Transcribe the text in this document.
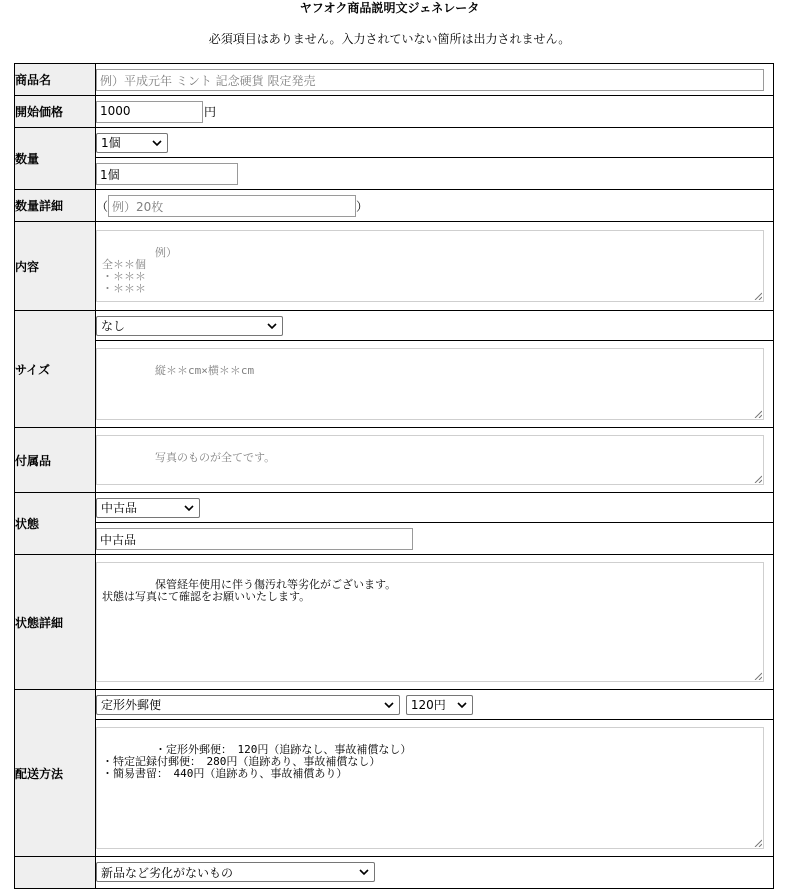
ヤフオク商品説明文ジェネレータ
必須項目はありません。入力されていない箇所は出力されません。
商品名	例）平成元年 ミント 記念硬貨 限定発売
開始価格	1000 円
数量	1個

	1個
数量詳細	（ 例）20枚 ）
内容	例）
全＊＊個
・＊＊＊
・＊＊＊

サイズ	なし

縦＊＊cm×横＊＊cm

付属品	写真のものが全てです。

状態	中古品

	中古品
状態詳細	保管経年使用に伴う傷汚れ等劣化がございます。
状態は写真にて確認をお願いいたします。

配送方法	定形外郵便
120円

・定形外郵便：　120円（追跡なし、事故補償なし）
・特定記録付郵便：　280円（追跡あり、事故補償なし）
・簡易書留：　440円（追跡あり、事故補償あり）

	新品など劣化がないもの
